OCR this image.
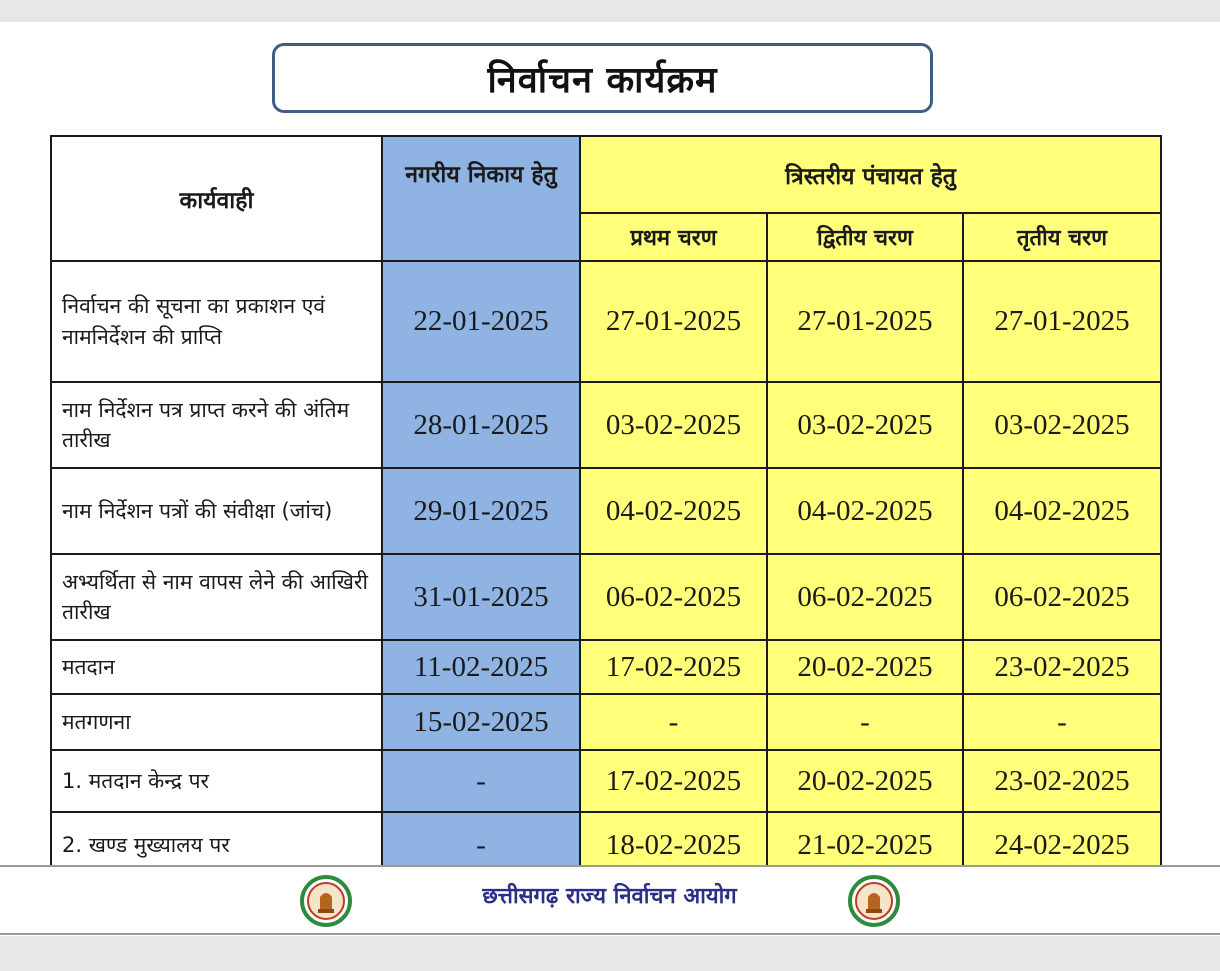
निर्वाचन कार्यक्रम
कार्यवाही	नगरीय निकाय हेतु	त्रिस्तरीय पंचायत हेतु		
		प्रथम चरण	द्वितीय चरण	तृतीय चरण
निर्वाचन की सूचना का प्रकाशन एवं नामनिर्देशन की प्राप्ति	22-01-2025	27-01-2025	27-01-2025	27-01-2025
नाम निर्देशन पत्र प्राप्त करने की अंतिम तारीख	28-01-2025	03-02-2025	03-02-2025	03-02-2025
नाम निर्देशन पत्रों की संवीक्षा (जांच)	29-01-2025	04-02-2025	04-02-2025	04-02-2025
अभ्यर्थिता से नाम वापस लेने की आखिरी तारीख	31-01-2025	06-02-2025	06-02-2025	06-02-2025
मतदान	11-02-2025	17-02-2025	20-02-2025	23-02-2025
मतगणना	15-02-2025	-	-	-
1. मतदान केन्द्र पर	-	17-02-2025	20-02-2025	23-02-2025
2. खण्ड मुख्यालय पर	-	18-02-2025	21-02-2025	24-02-2025
छत्तीसगढ़ राज्य निर्वाचन आयोग
